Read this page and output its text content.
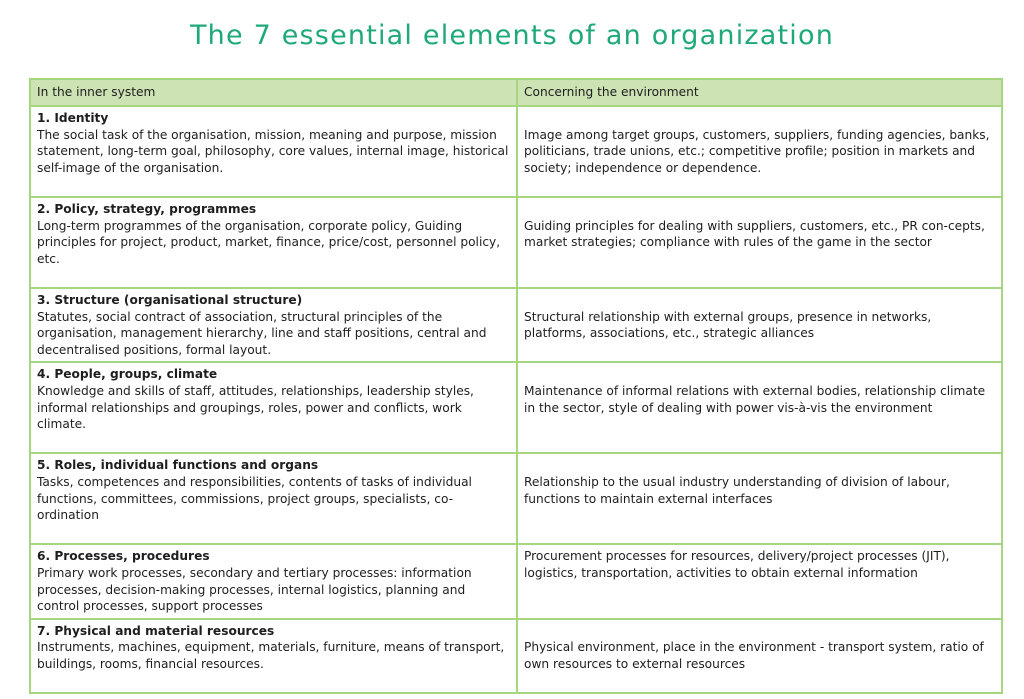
The 7 essential elements of an organization
In the inner system	Concerning the environment

1. Identity
The social task of the organisation, mission, meaning and purpose, mission statement, long-term goal, philosophy, core values, internal image, historical self-image of the organisation.	Image among target groups, customers, suppliers, funding agencies, banks, politicians, trade unions, etc.; competitive profile; position in markets and society; independence or dependence.

2. Policy, strategy, programmes
Long-term programmes of the organisation, corporate policy, Guiding principles for project, product, market, finance, price/cost, personnel policy, etc.	Guiding principles for dealing with suppliers, customers, etc., PR con-cepts, market strategies; compliance with rules of the game in the sector

3. Structure (organisational structure)
Statutes, social contract of association, structural principles of the organisation, management hierarchy, line and staff positions, central and decentralised positions, formal layout.	Structural relationship with external groups, presence in networks, platforms, associations, etc., strategic alliances

4. People, groups, climate
Knowledge and skills of staff, attitudes, relationships, leadership styles, informal relationships and groupings, roles, power and conflicts, work climate.	Maintenance of informal relations with external bodies, relationship climate in the sector, style of dealing with power vis-à-vis the environment

5. Roles, individual functions and organs
Tasks, competences and responsibilities, contents of tasks of individual functions, committees, commissions, project groups, specialists, co-ordination	Relationship to the usual industry understanding of division of labour, functions to maintain external interfaces

6. Processes, procedures
Primary work processes, secondary and tertiary processes: information processes, decision-making processes, internal logistics, planning and control processes, support processes	Procurement processes for resources, delivery/project processes (JIT), logistics, transportation, activities to obtain external information

7. Physical and material resources
Instruments, machines, equipment, materials, furniture, means of transport, buildings, rooms, financial resources.	Physical environment, place in the environment - transport system, ratio of own resources to external resources
